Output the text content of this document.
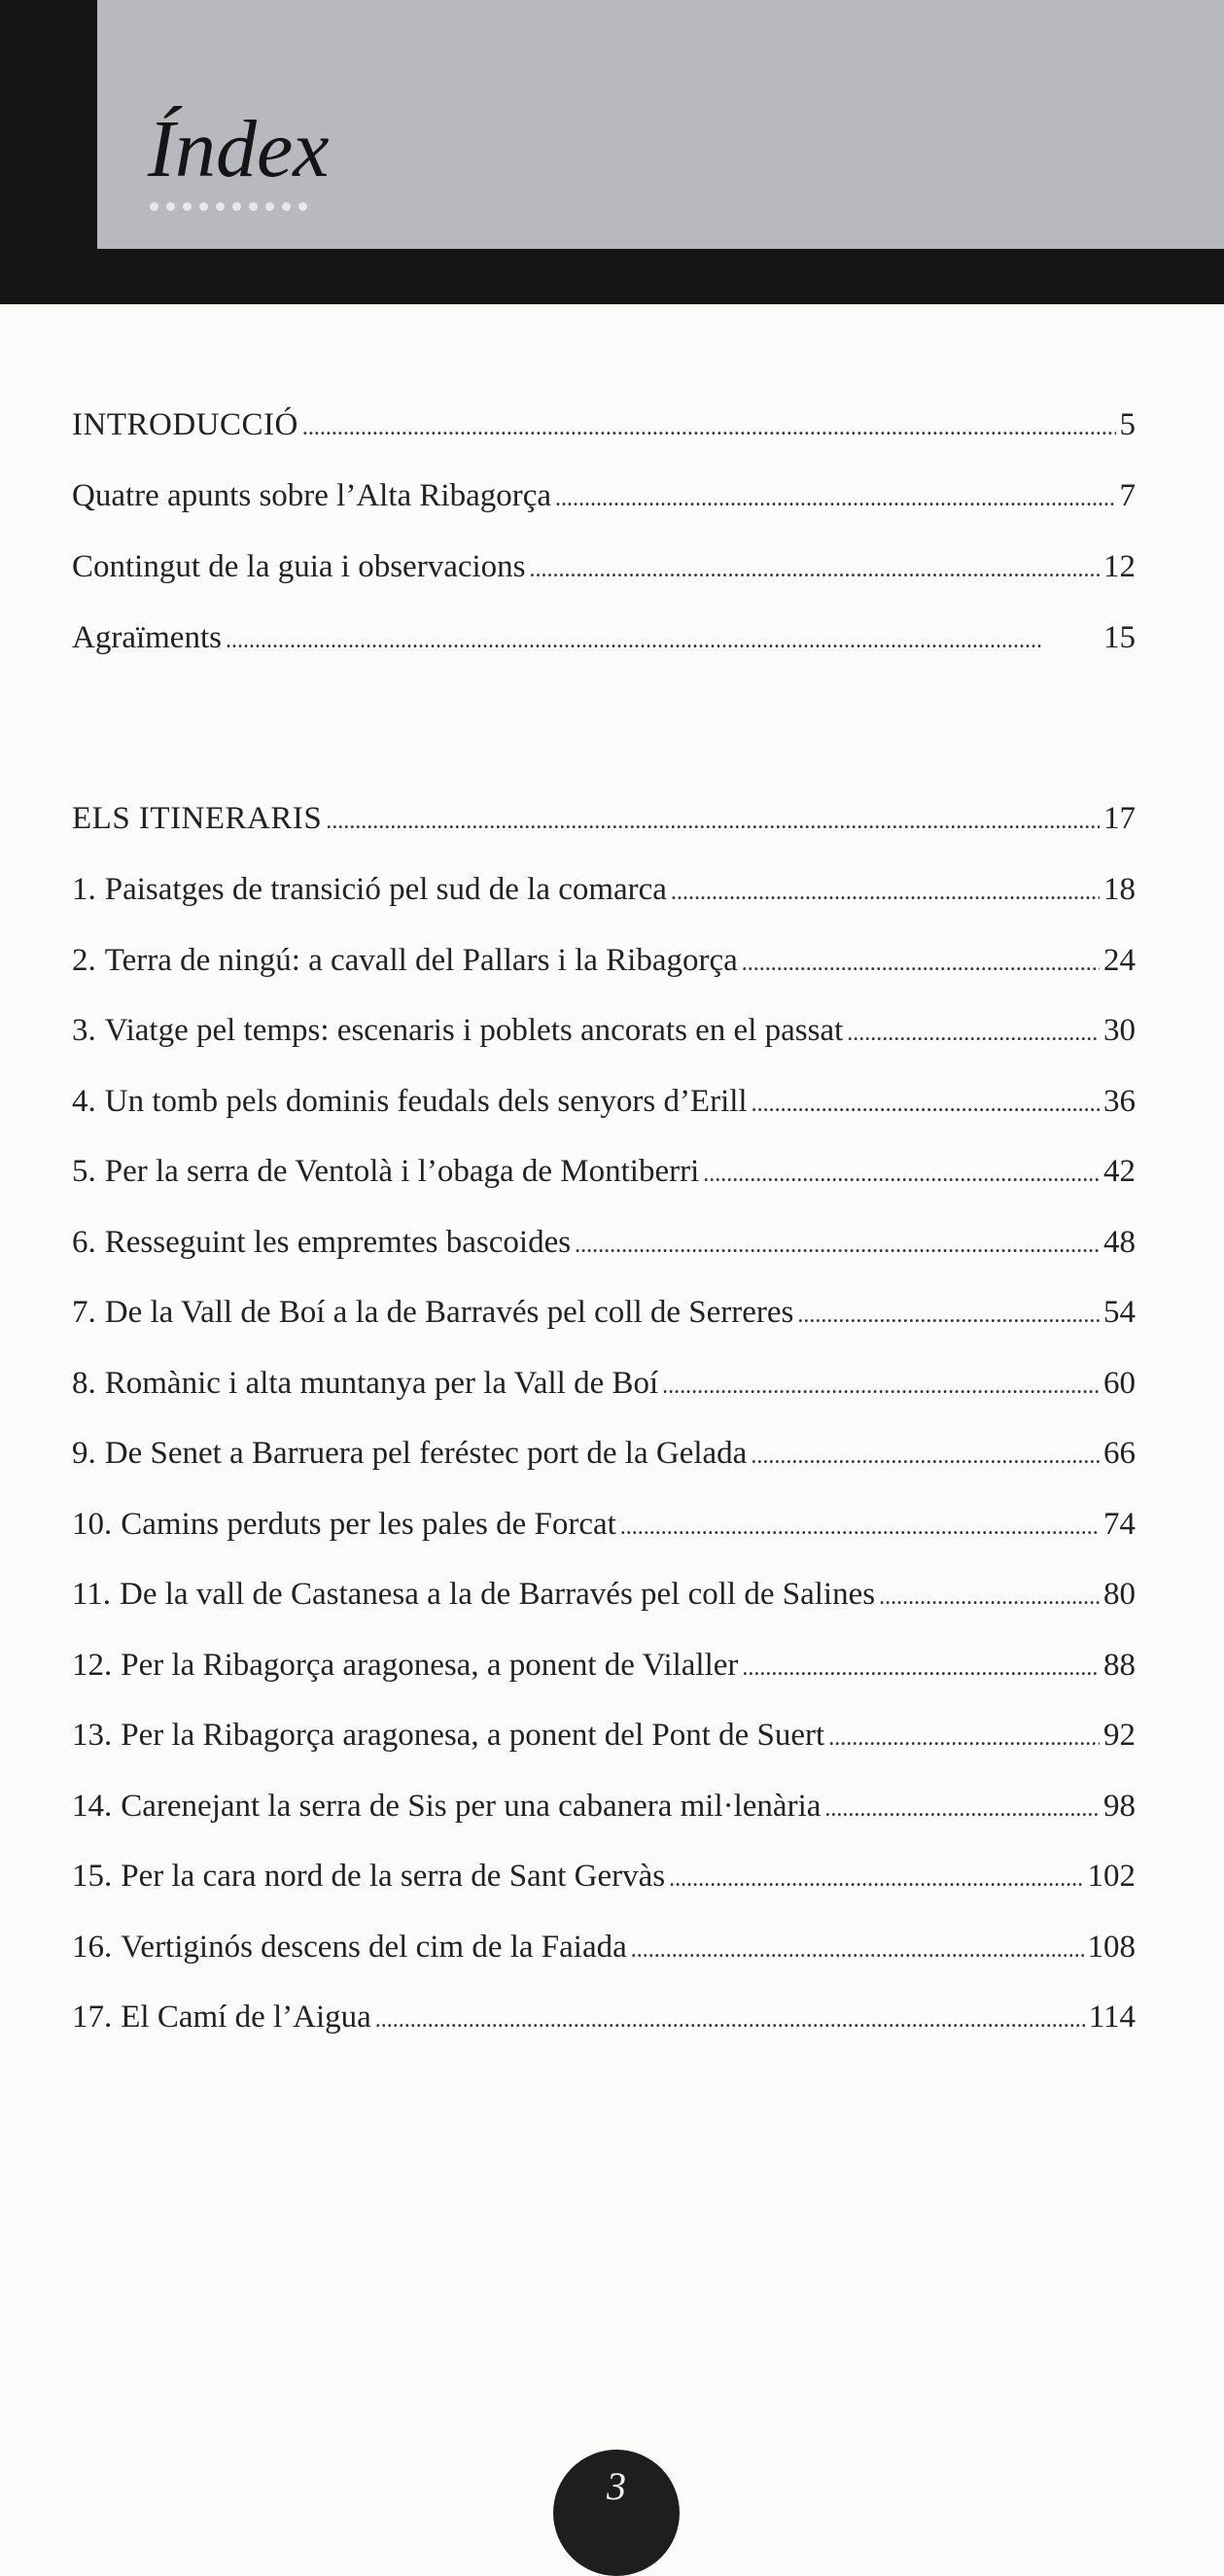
Índex
INTRODUCCIÓ . . .	5
Quatre apunts sobre l’Alta Ribagorça . . .	7
Contingut de la guia i observacions . . .	12
Agraïments . . .	15
ELS ITINERARIS . . .	17
1. Paisatges de transició pel sud de la comarca . . .	18
2. Terra de ningú: a cavall del Pallars i la Ribagorça . . .	24
3. Viatge pel temps: escenaris i poblets ancorats en el passat . . .	30
4. Un tomb pels dominis feudals dels senyors d’Erill . . .	36
5. Per la serra de Ventolà i l’obaga de Montiberri . . .	42
6. Resseguint les empremtes bascoides . . .	48
7. De la Vall de Boí a la de Barravés pel coll de Serreres . . .	54
8. Romànic i alta muntanya per la Vall de Boí . . .	60
9. De Senet a Barruera pel feréstec port de la Gelada . . .	66
10. Camins perduts per les pales de Forcat . . .	74
11. De la vall de Castanesa a la de Barravés pel coll de Salines . . .	80
12. Per la Ribagorça aragonesa, a ponent de Vilaller . . .	88
13. Per la Ribagorça aragonesa, a ponent del Pont de Suert . . .	92
14. Carenejant la serra de Sis per una cabanera mil·lenària . . .	98
15. Per la cara nord de la serra de Sant Gervàs . . .	102
16. Vertiginós descens del cim de la Faiada . . .	108
17. El Camí de l’Aigua . . .	114
3
